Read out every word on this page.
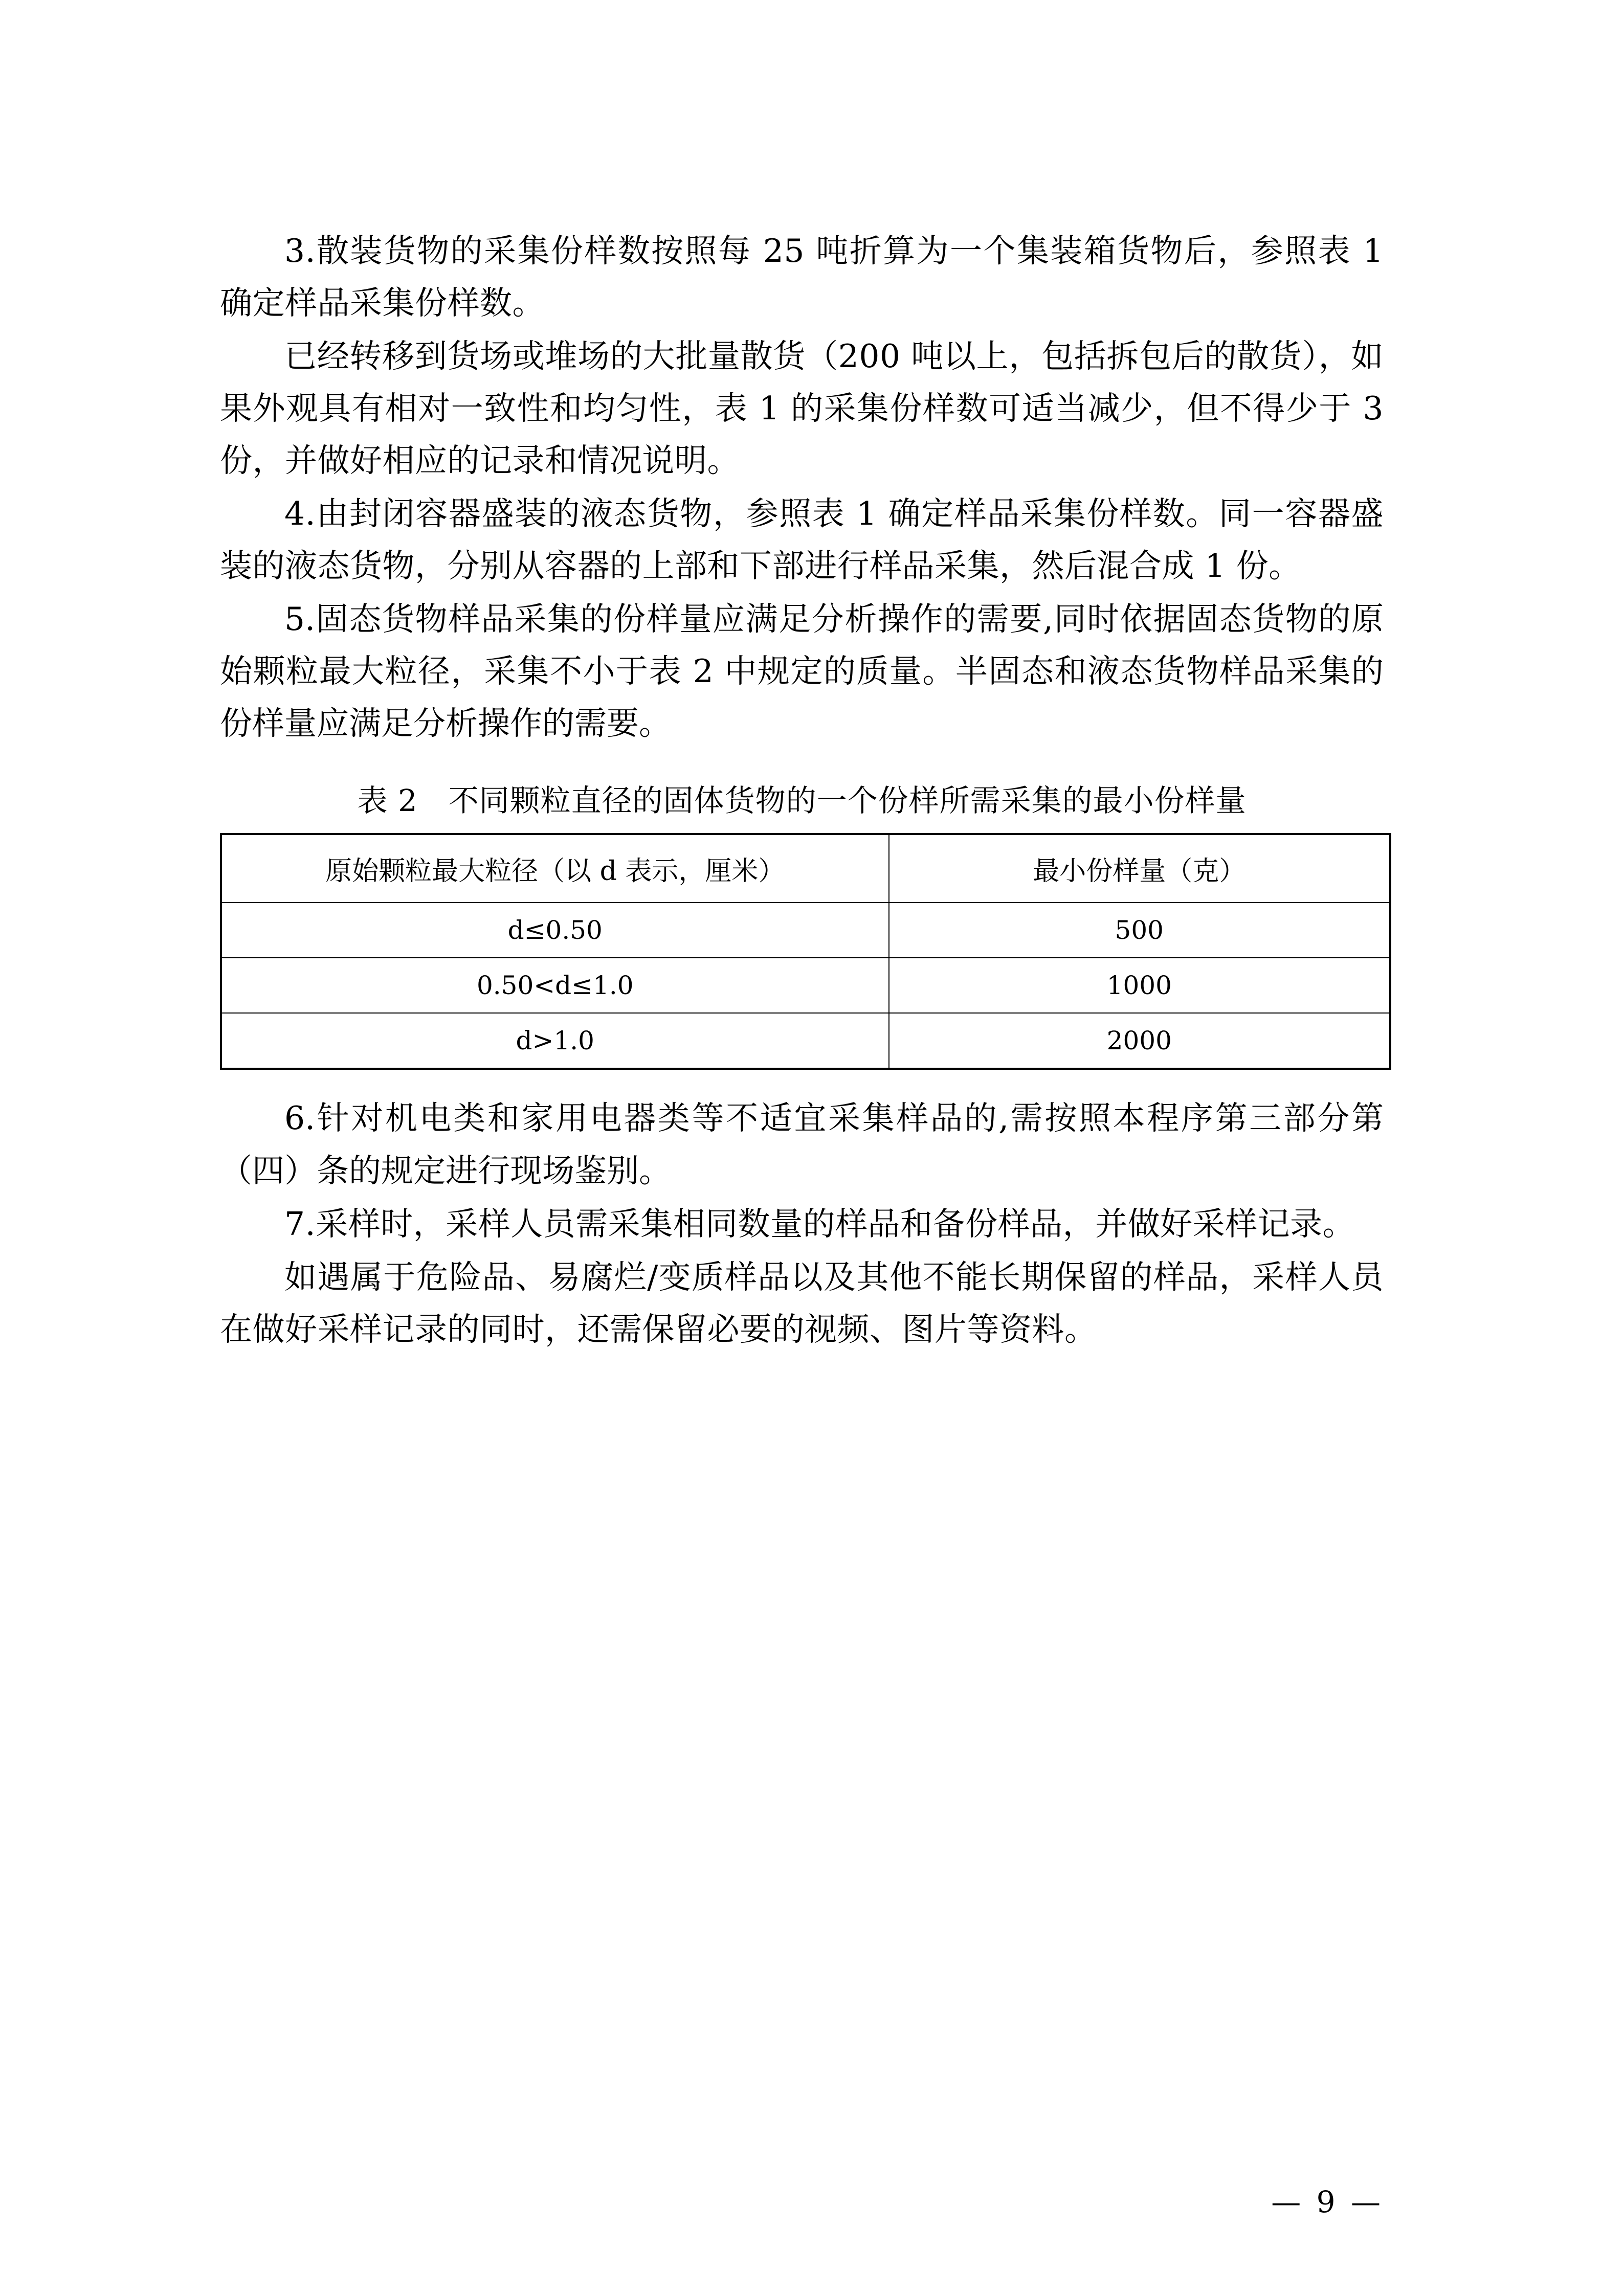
3.散装货物的采集份样数按照每 25 吨折算为一个集装箱货物后，参照表 1 确定样品采集份样数。

已经转移到货场或堆场的大批量散货（200 吨以上，包括拆包后的散货），如果外观具有相对一致性和均匀性，表 1 的采集份样数可适当减少，但不得少于 3 份，并做好相应的记录和情况说明。

4.由封闭容器盛装的液态货物，参照表 1 确定样品采集份样数。同一容器盛装的液态货物，分别从容器的上部和下部进行样品采集，然后混合成 1 份。

5.固态货物样品采集的份样量应满足分析操作的需要,同时依据固态货物的原始颗粒最大粒径，采集不小于表 2 中规定的质量。半固态和液态货物样品采集的份样量应满足分析操作的需要。

表 2　不同颗粒直径的固体货物的一个份样所需采集的最小份样量
原始颗粒最大粒径（以 d 表示，厘米）	最小份样量（克）
d≤0.50	500
0.50<d≤1.0	1000
d>1.0	2000

6.针对机电类和家用电器类等不适宜采集样品的,需按照本程序第三部分第（四）条的规定进行现场鉴别。

7.采样时，采样人员需采集相同数量的样品和备份样品，并做好采样记录。

如遇属于危险品、易腐烂/变质样品以及其他不能长期保留的样品，采样人员在做好采样记录的同时，还需保留必要的视频、图片等资料。

— 9 —
